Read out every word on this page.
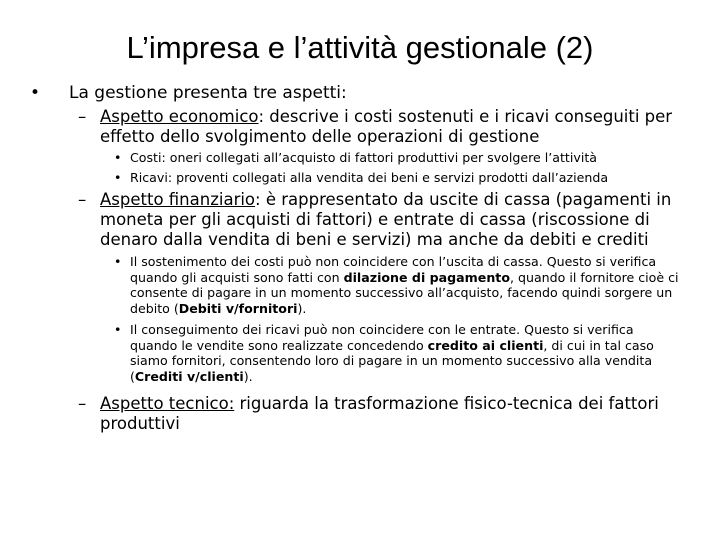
L’impresa e l’attività gestionale (2)
• La gestione presenta tre aspetti:
– Aspetto economico: descrive i costi sostenuti e i ricavi conseguiti per effetto dello svolgimento delle operazioni di gestione
• Costi: oneri collegati all’acquisto di fattori produttivi per svolgere l’attività
• Ricavi: proventi collegati alla vendita dei beni e servizi prodotti dall’azienda
– Aspetto finanziario: è rappresentato da uscite di cassa (pagamenti in moneta per gli acquisti di fattori) e entrate di cassa (riscossione di denaro dalla vendita di beni e servizi) ma anche da debiti e crediti
• Il sostenimento dei costi può non coincidere con l’uscita di cassa. Questo si verifica quando gli acquisti sono fatti con dilazione di pagamento, quando il fornitore cioè ci consente di pagare in un momento successivo all’acquisto, facendo quindi sorgere un debito (Debiti v/fornitori).
• Il conseguimento dei ricavi può non coincidere con le entrate. Questo si verifica quando le vendite sono realizzate concedendo credito ai clienti, di cui in tal caso siamo fornitori, consentendo loro di pagare in un momento successivo alla vendita (Crediti v/clienti).
– Aspetto tecnico: riguarda la trasformazione fisico-tecnica dei fattori produttivi
